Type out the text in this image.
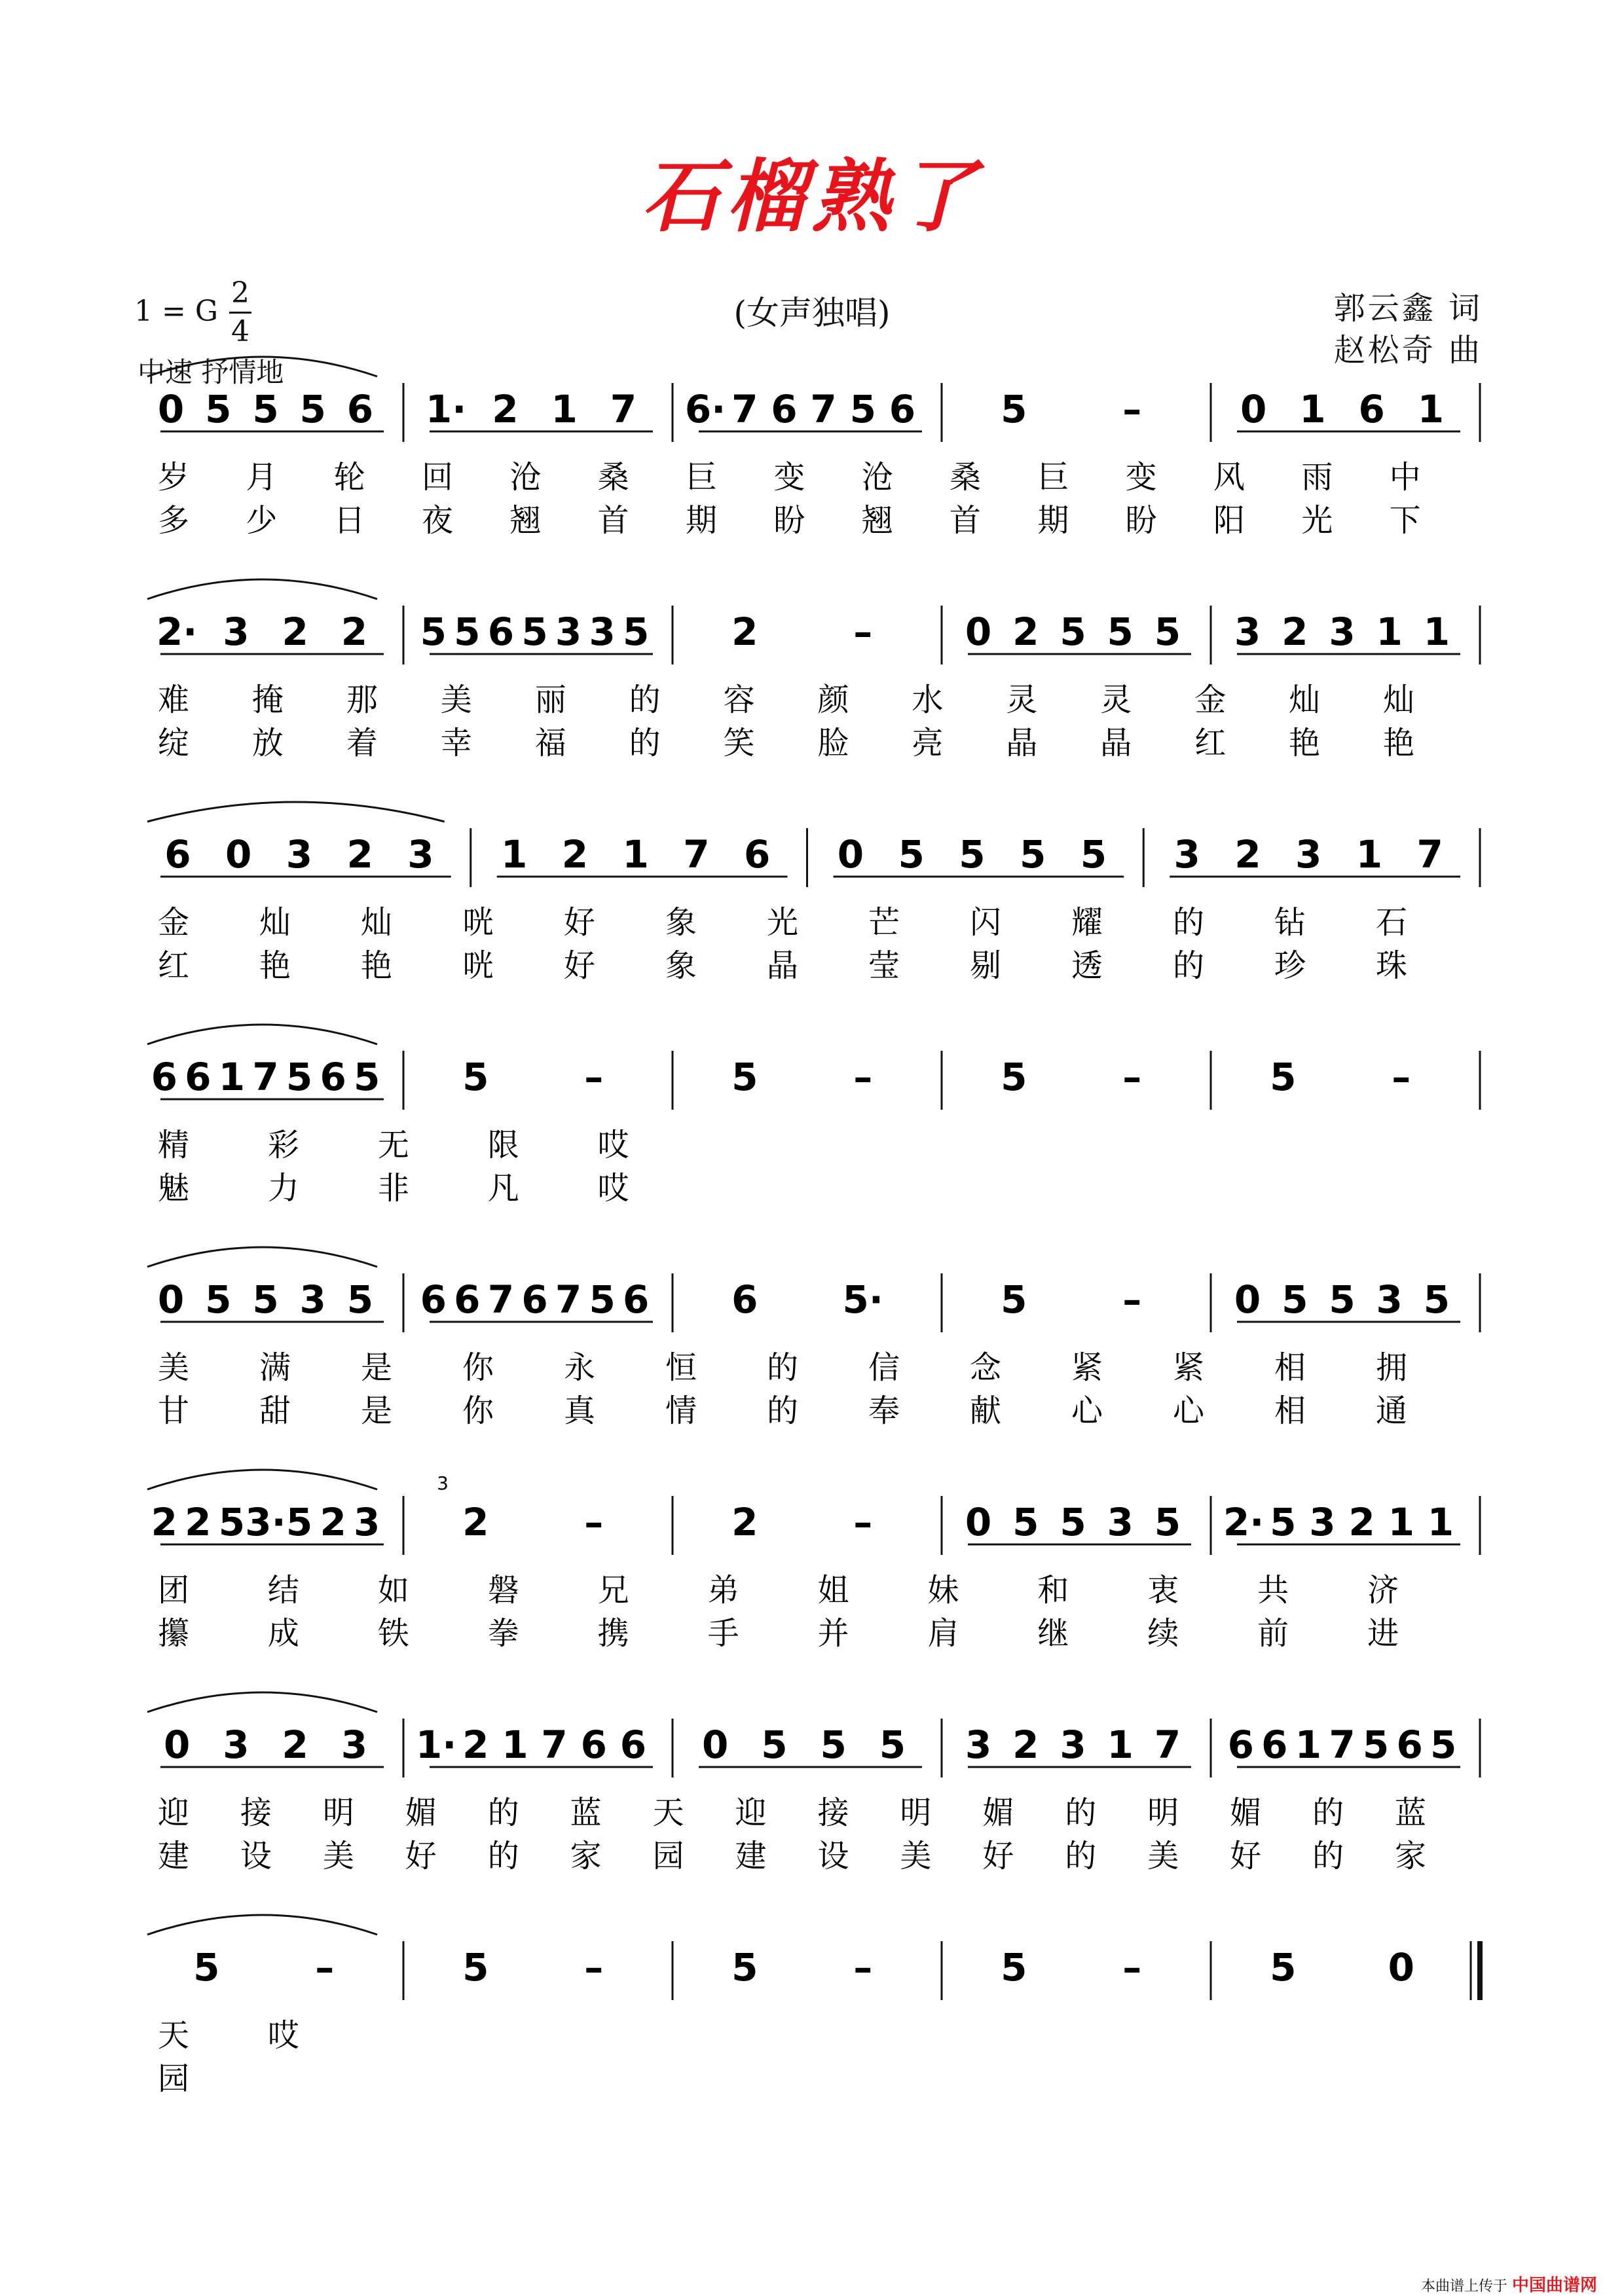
石榴熟了
1 = G
2
4
中速 抒情地
(女声独唱)	郭云鑫 词
赵松奇 曲
0 5 5 5 6 1· 2 1 7 6· 7 6 7 5 6 5	–	0 1 6 1
岁 月 轮 回 沧 桑 巨 变 沧 桑 巨 变 风 雨 中
多 少 日 夜 翘 首 期 盼 翘 首 期 盼 阳 光 下
2· 3 2 2 5 5 6 5 3 3 5 2	– 0 2 5 5 5 3 2 3 1 1
难 掩 那 美 丽 的 容 颜 水 灵 灵 金 灿 灿
绽 放 着 幸 福 的 笑 脸 亮 晶 晶 红 艳 艳
6 0 3 2 3 1 2 1 7 6 0 5 5 5 5 3 2 3 1 7
金 灿 灿 咣 好 象 光 芒 闪 耀 的 钻 石
红 艳 艳 咣 好 象 晶 莹 剔 透 的 珍 珠
6 6 1 7 5 6 5 5	–	5	–	5	–	5	–
精 彩 无 限 哎
魅 力 非 凡 哎
0 5 5 3 5 6 6 7 6 7 5 6 6 5·	5	– 0 5 5 3 5
美 满 是 你 永 恒 的 信 念 紧 紧 相 拥
甘 甜 是 你 真 情 的 奉 献 心 心 相 通
2 2 5 3· 5 2 3 2	–	2	– 0 5 5 3 5 2· 5 3 2 1 1
团 结 如 磐 兄 弟 姐 妹 和 衷 共 济
攥 成 铁 拳 携 手 并 肩 继 续 前 进
3
0 3 2 3 1· 2 1 7 6 6 0 5 5 5 3 2 3 1 7 6 6 1 7 5 6 5
迎 接 明 媚 的 蓝 天 迎 接 明 媚 的 明 媚 的 蓝
建 设 美 好 的 家 园 建 设 美 好 的 美 好 的 家
5	–	5	–	5	–	5	–	5 0
天 哎
园
本曲谱上传于 中国曲谱网
